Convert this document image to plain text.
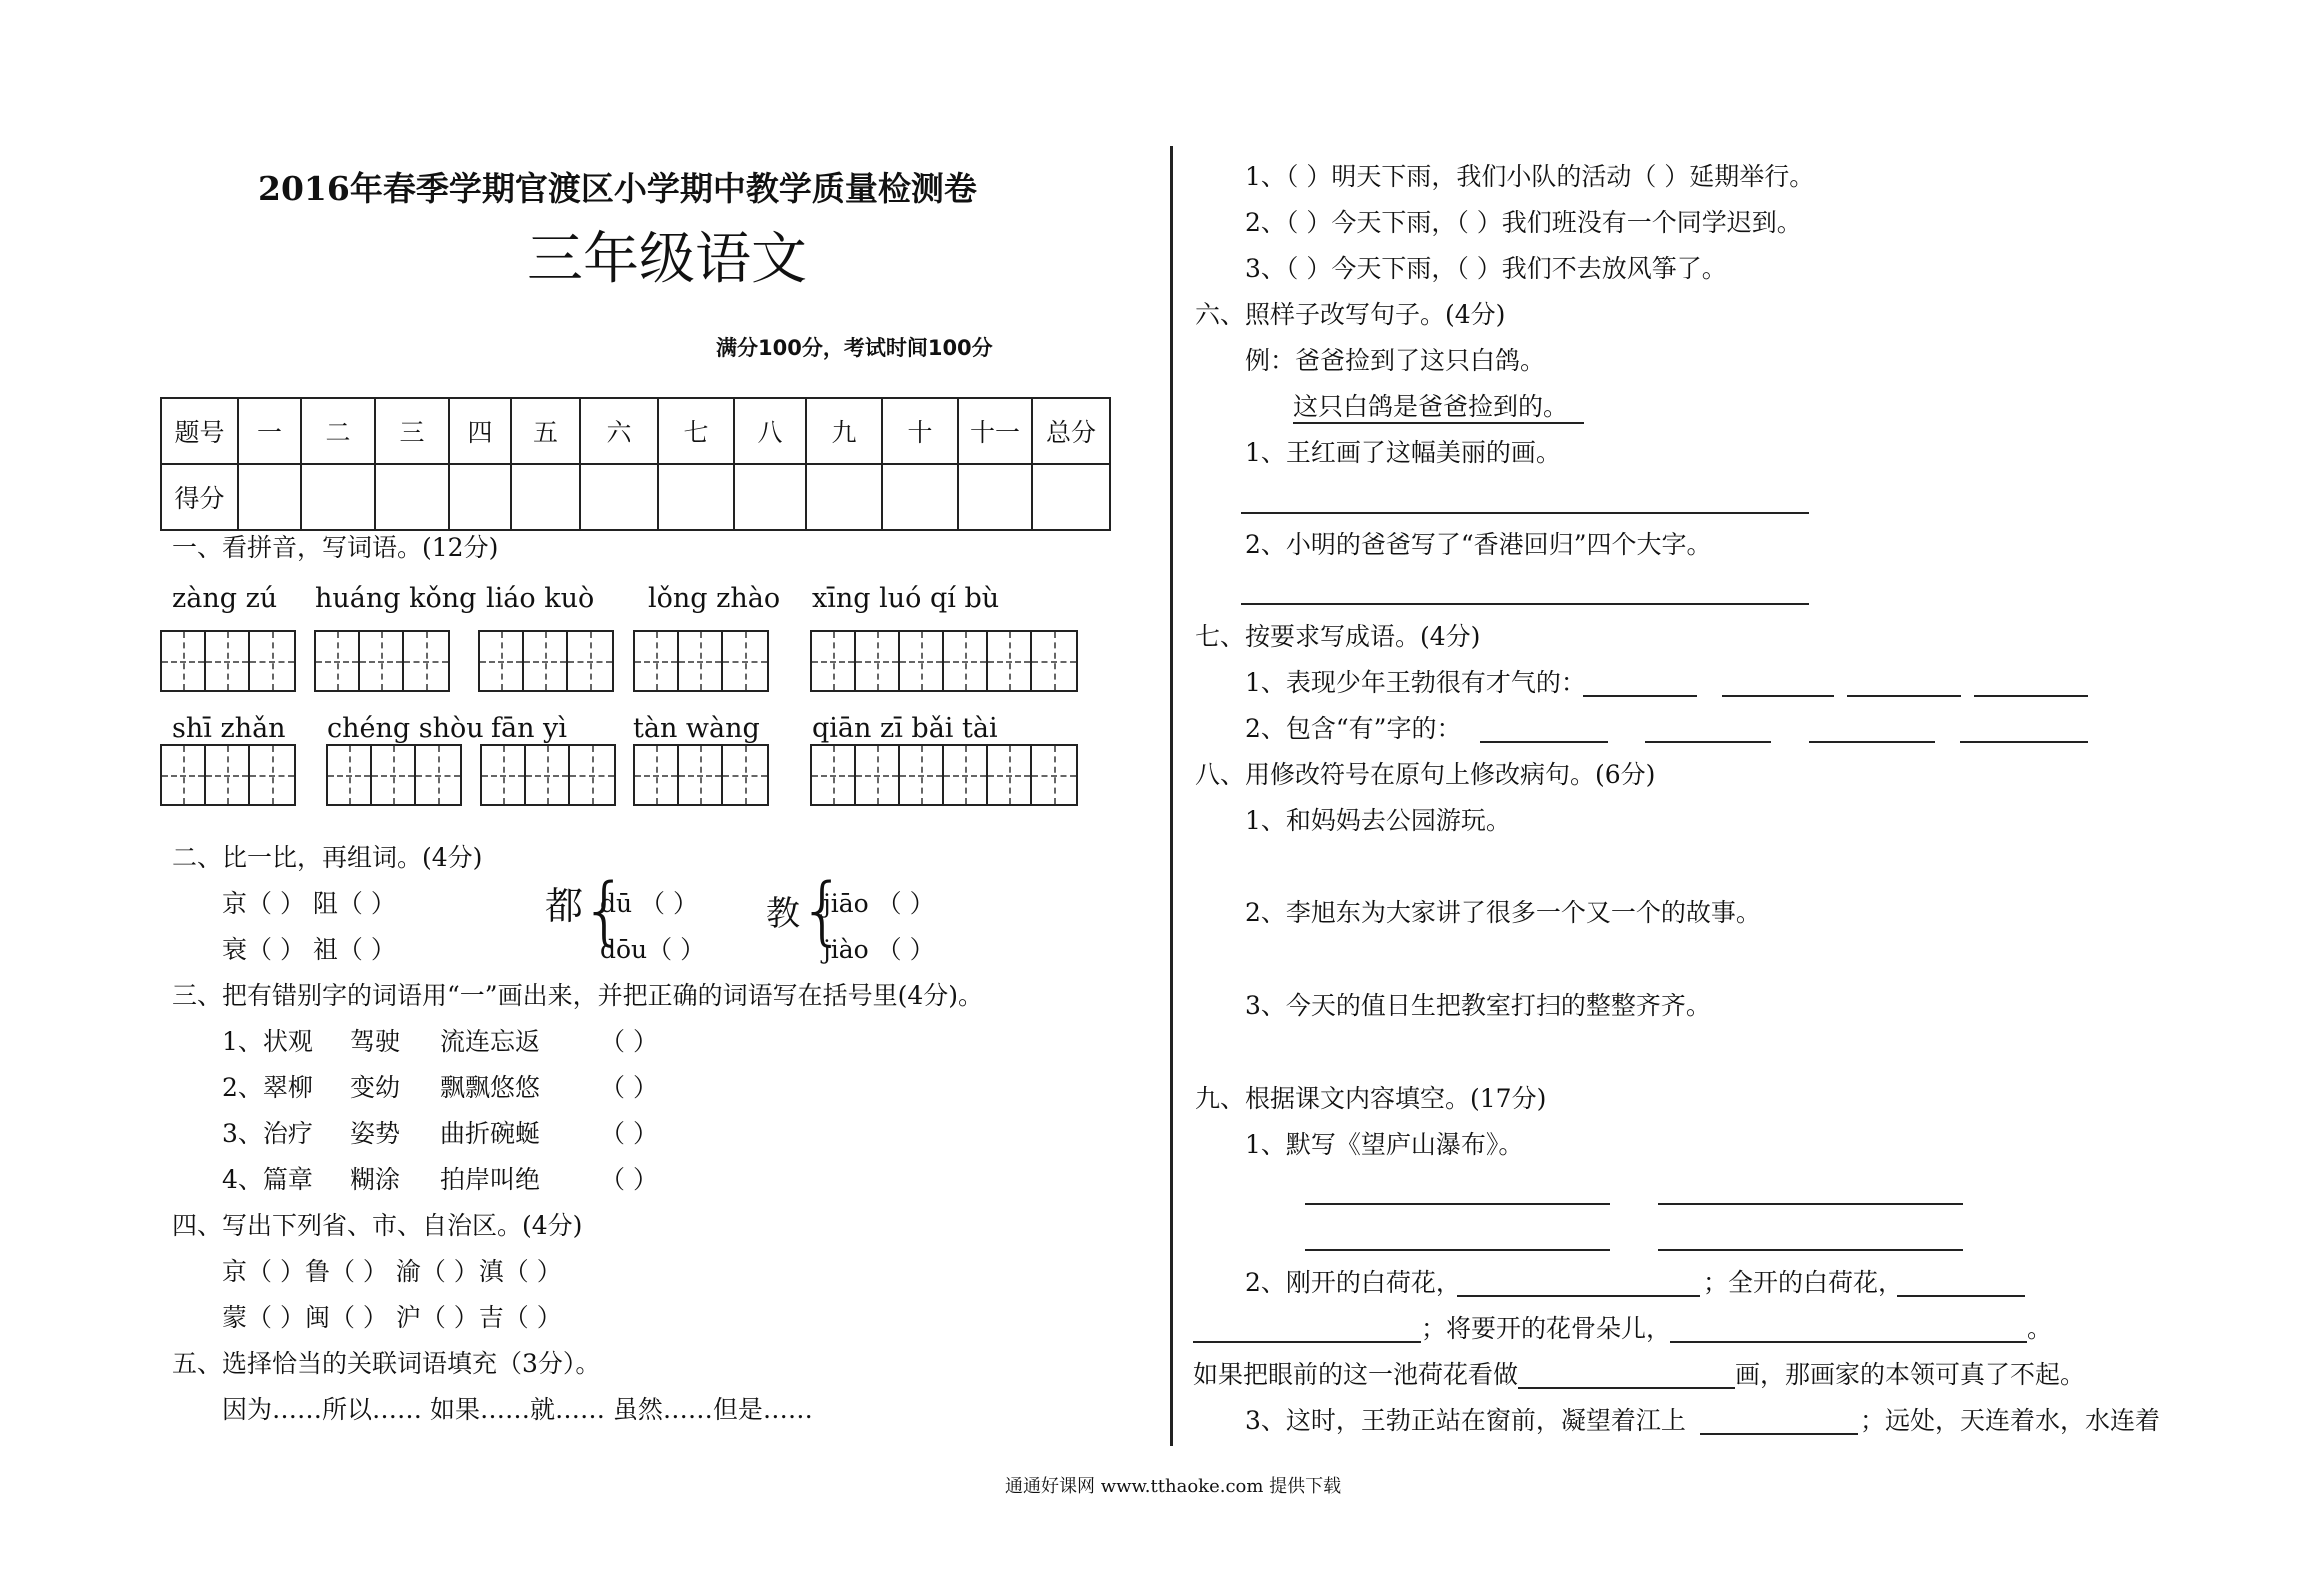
2016年春季学期官渡区小学期中教学质量检测卷
三年级语文
满分100分，考试时间100分
题号	一	二	三	四	五	六	七	八	九	十	十一	总分
得分												
一、看拼音，写词语。(12分)
zàng zú huáng kǒng liáo kuò lǒng zhào xīng luó qí bù
shī zhǎn chéng shòu fān yì tàn wàng qiān zī bǎi tài
二、比一比，再组词。(4分)
京（ ） 阻（ ）
衰（ ） 祖（ ）
都
{
dū （ ）
dōu（ ）
教 {
jiāo （ ）
jiào （ ）
三、把有错别字的词语用“一”画出来，并把正确的词语写在括号里(4分)。
1、状观 驾驶 流连忘返 （ ）
2、翠柳 变幼 飘飘悠悠 （ ）
3、治疗 姿势 曲折碗蜒 （ ）
4、篇章 糊涂 拍岸叫绝 （ ）
四、写出下列省、市、自治区。(4分)
京（ ）鲁（ ） 渝（ ）滇（ ）
蒙（ ）闽（ ） 沪（ ）吉（ ）
五、选择恰当的关联词语填充（3分）。
因为……所以…… 如果……就…… 虽然……但是……
1、（ ）明天下雨，我们小队的活动（ ）延期举行。
2、（ ）今天下雨，（ ）我们班没有一个同学迟到。
3、（ ）今天下雨，（ ）我们不去放风筝了。
六、照样子改写句子。(4分)
例：爸爸捡到了这只白鸽。
这只白鸽是爸爸捡到的。
1、王红画了这幅美丽的画。
2、小明的爸爸写了“香港回归”四个大字。
七、按要求写成语。(4分)
1、表现少年王勃很有才气的：
2、包含“有”字的：
八、用修改符号在原句上修改病句。(6分)
1、和妈妈去公园游玩。
2、李旭东为大家讲了很多一个又一个的故事。
3、今天的值日生把教室打扫的整整齐齐。
九、根据课文内容填空。(17分)
1、默写《望庐山瀑布》。
2、刚开的白荷花，	；全开的白荷花，
；将要开的花骨朵儿，	。
如果把眼前的这一池荷花看做	画，那画家的本领可真了不起。
3、这时，王勃正站在窗前，凝望着江上	；远处，天连着水，水连着
通通好课网 www.tthaoke.com 提供下载
